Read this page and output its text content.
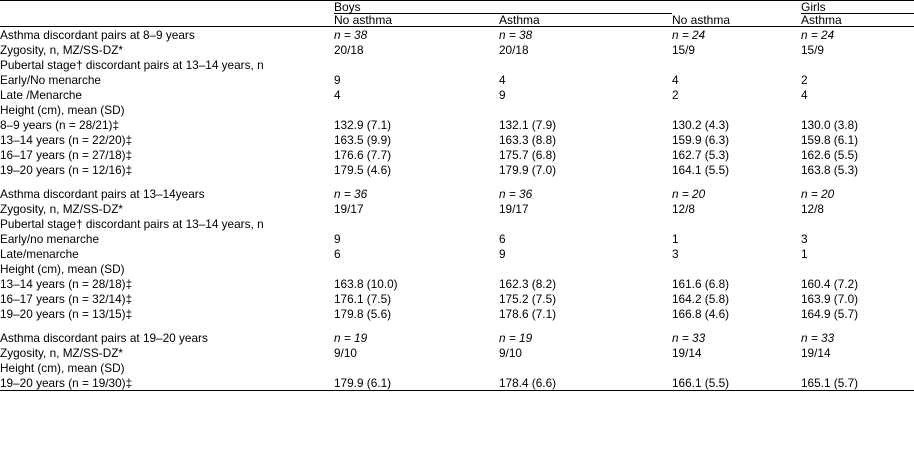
	Boys			Girls
	No asthma	Asthma	No asthma	Asthma
Asthma discordant pairs at 8–9 years	n = 38	n = 38	n = 24	n = 24
Zygosity, n, MZ/SS-DZ*	20/18	20/18	15/9	15/9
Pubertal stage† discordant pairs at 13–14 years, n				
Early/No menarche	9	4	4	2
Late /Menarche	4	9	2	4
Height (cm), mean (SD)				
8–9 years (n = 28/21)‡	132.9 (7.1)	132.1 (7.9)	130.2 (4.3)	130.0 (3.8)
13–14 years (n = 22/20)‡	163.5 (9.9)	163.3 (8.8)	159.9 (6.3)	159.8 (6.1)
16–17 years (n = 27/18)‡	176.6 (7.7)	175.7 (6.8)	162.7 (5.3)	162.6 (5.5)
19–20 years (n = 12/16)‡	179.5 (4.6)	179.9 (7.0)	164.1 (5.5)	163.8 (5.3)

Asthma discordant pairs at 13–14years	n = 36	n = 36	n = 20	n = 20
Zygosity, n, MZ/SS-DZ*	19/17	19/17	12/8	12/8
Pubertal stage† discordant pairs at 13–14 years, n				
Early/no menarche	9	6	1	3
Late/menarche	6	9	3	1
Height (cm), mean (SD)				
13–14 years (n = 28/18)‡	163.8 (10.0)	162.3 (8.2)	161.6 (6.8)	160.4 (7.2)
16–17 years (n = 32/14)‡	176.1 (7.5)	175.2 (7.5)	164.2 (5.8)	163.9 (7.0)
19–20 years (n = 13/15)‡	179.8 (5.6)	178.6 (7.1)	166.8 (4.6)	164.9 (5.7)

Asthma discordant pairs at 19–20 years	n = 19	n = 19	n = 33	n = 33
Zygosity, n, MZ/SS-DZ*	9/10	9/10	19/14	19/14
Height (cm), mean (SD)				
19–20 years (n = 19/30)‡	179.9 (6.1)	178.4 (6.6)	166.1 (5.5)	165.1 (5.7)
